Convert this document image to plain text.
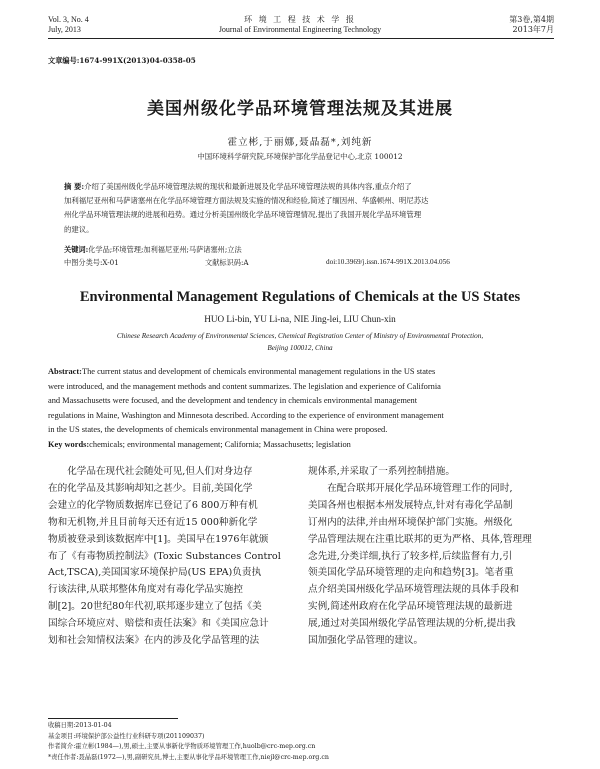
Vol. 3, No. 4
July, 2013
环 境 工 程 技 术 学 报
Journal of Environmental Engineering Technology
第3卷,第4期
2013年7月
文章编号:1674-991X(2013)04-0358-05
美国州级化学品环境管理法规及其进展
霍立彬,于丽娜,聂晶磊*,刘纯新
中国环境科学研究院,环境保护部化学品登记中心,北京 100012
摘 要:介绍了美国州级化学品环境管理法规的现状和最新进展及化学品环境管理法规的具体内容,重点介绍了
加利福尼亚州和马萨诸塞州在化学品环境管理方面法规及实施的情况和经验,简述了缅因州、华盛顿州、明尼苏达
州化学品环境管理法规的进展和趋势。通过分析美国州级化学品环境管理情况,提出了我国开展化学品环境管理
的建议。
关键词:化学品;环境管理;加利福尼亚州;马萨诸塞州;立法
中图分类号:X-01	文献标识码:A	doi:10.3969/j.issn.1674-991X.2013.04.056
Environmental Management Regulations of Chemicals at the US States
HUO Li-bin, YU Li-na, NIE Jing-lei, LIU Chun-xin
Chinese Research Academy of Environmental Sciences, Chemical Registration Center of Ministry of Environmental Protection,
Beijing 100012, China
Abstract:The current status and development of chemicals environmental management regulations in the US states
were introduced, and the management methods and content summarizes. The legislation and experience of California
and Massachusetts were focused, and the development and tendency in chemicals environmental management
regulations in Maine, Washington and Minnesota described. According to the experience of environment management
in the US states, the developments of chemicals environmental management in China were proposed.
Key words:chemicals; environmental management; California; Massachusetts; legislation
化学品在现代社会随处可见,但人们对身边存
在的化学品及其影响却知之甚少。目前,美国化学
会建立的化学物质数据库已登记了6 800万种有机
物和无机物,并且目前每天还有近15 000种新化学
物质被登录到该数据库中[1]。美国早在1976年就颁
布了《有毒物质控制法》(Toxic Substances Control
Act,TSCA),美国国家环境保护局(US EPA)负责执
行该法律,从联邦整体角度对有毒化学品实施控
制[2]。20世纪80年代初,联邦逐步建立了包括《美
国综合环境应对、赔偿和责任法案》和《美国应急计
划和社会知情权法案》在内的涉及化学品管理的法
规体系,并采取了一系列控制措施。
在配合联邦开展化学品环境管理工作的同时,
美国各州也根据本州发展特点,针对有毒化学品制
订州内的法律,并由州环境保护部门实施。州级化
学品管理法规在注重比联邦的更为严格、具体,管理理
念先进,分类详细,执行了较多样,后续监督有力,引
领美国化学品环境管理的走向和趋势[3]。笔者重
点介绍美国州级化学品环境管理法规的具体手段和
实例,简述州政府在化学品环境管理法规的最新进
展,通过对美国州级化学品管理法规的分析,提出我
国加强化学品管理的建议。
收稿日期:2013-01-04
基金项目:环境保护部公益性行业科研专项(201109037)
作者简介:霍立彬(1984—),男,硕士,主要从事新化学物质环境管理工作,huolb@crc-mep.org.cn
*责任作者:聂晶磊(1972—),男,副研究员,博士,主要从事化学品环境管理工作,niejl@crc-mep.org.cn
